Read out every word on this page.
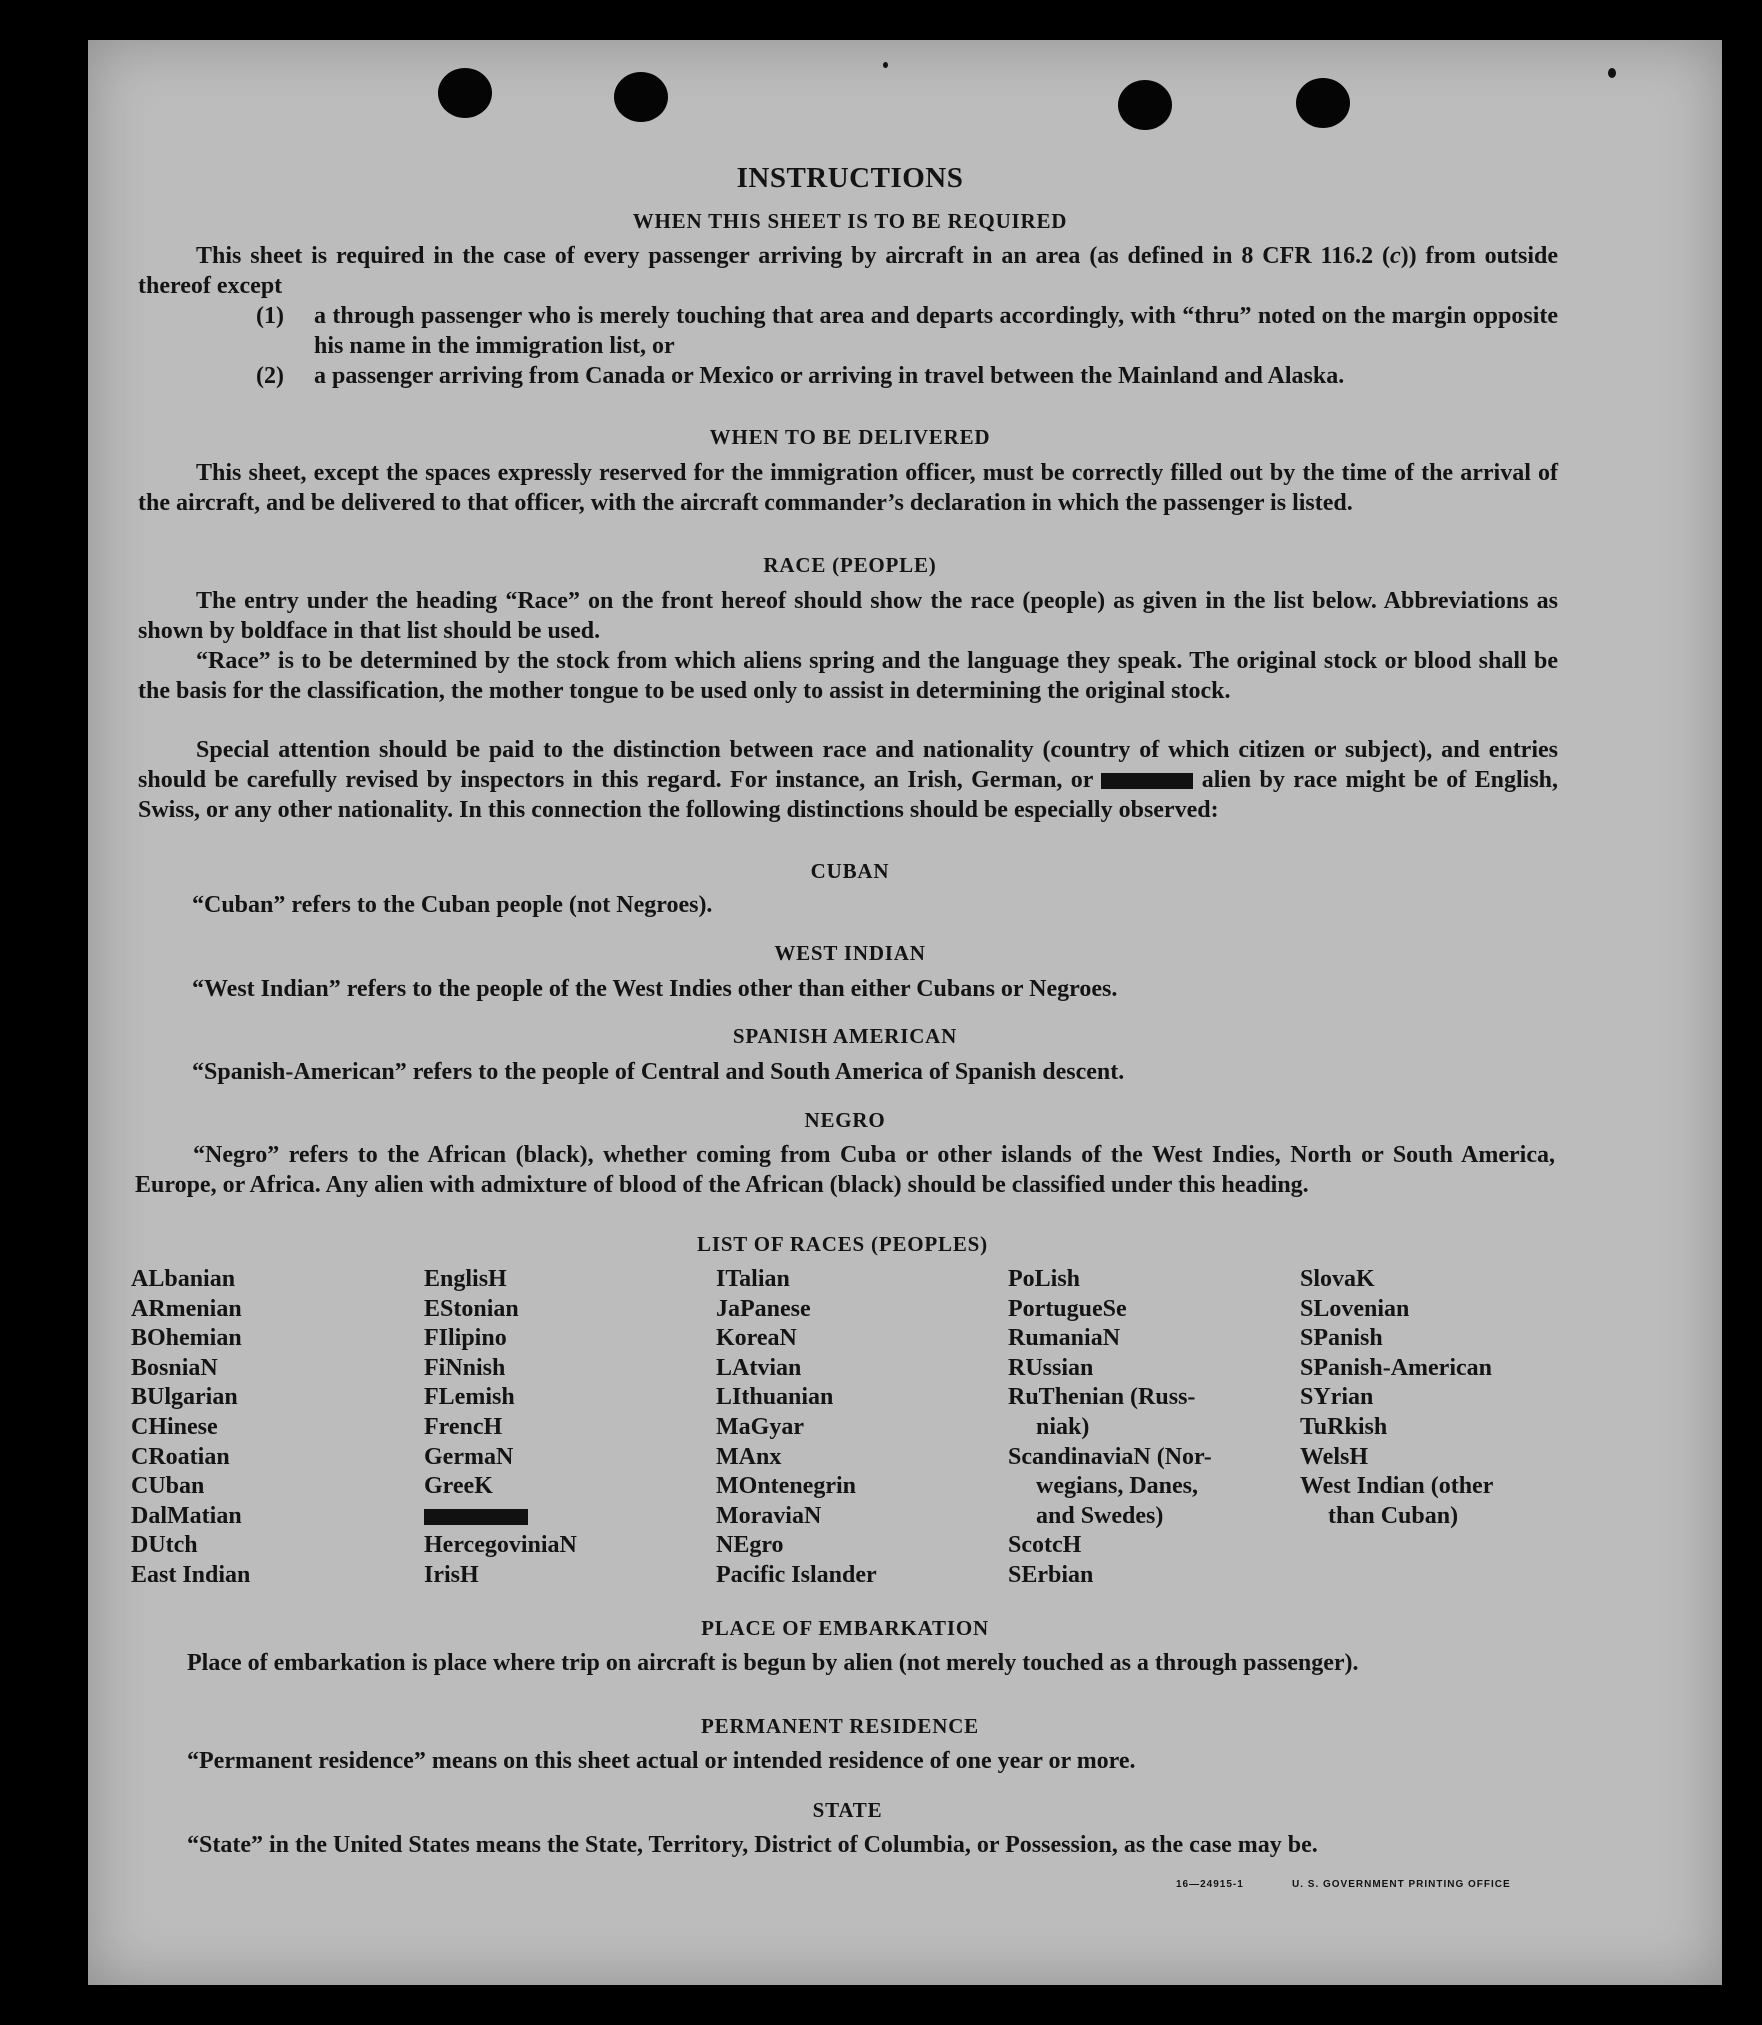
INSTRUCTIONS
WHEN THIS SHEET IS TO BE REQUIRED
This sheet is required in the case of every passenger arriving by aircraft in an area (as defined in 8 CFR 116.2 (c)) from outside thereof except
(1) a through passenger who is merely touching that area and departs accordingly, with “thru” noted on the margin opposite his name in the immigration list, or
(2) a passenger arriving from Canada or Mexico or arriving in travel between the Mainland and Alaska.
WHEN TO BE DELIVERED
This sheet, except the spaces expressly reserved for the immigration officer, must be correctly filled out by the time of the arrival of the aircraft, and be delivered to that officer, with the aircraft commander’s declaration in which the passenger is listed.
RACE (PEOPLE)
The entry under the heading “Race” on the front hereof should show the race (people) as given in the list below. Abbreviations as shown by boldface in that list should be used.
“Race” is to be determined by the stock from which aliens spring and the language they speak. The original stock or blood shall be the basis for the classification, the mother tongue to be used only to assist in determining the original stock.
Special attention should be paid to the distinction between race and nationality (country of which citizen or subject), and entries should be carefully revised by inspectors in this regard. For instance, an Irish, German, or	alien by race might be of English, Swiss, or any other nationality. In this connection the following distinctions should be especially observed:
CUBAN
“Cuban” refers to the Cuban people (not Negroes).
WEST INDIAN
“West Indian” refers to the people of the West Indies other than either Cubans or Negroes.
SPANISH AMERICAN
“Spanish-American” refers to the people of Central and South America of Spanish descent.
NEGRO
“Negro” refers to the African (black), whether coming from Cuba or other islands of the West Indies, North or South America, Europe, or Africa. Any alien with admixture of blood of the African (black) should be classified under this heading.
LIST OF RACES (PEOPLES)
ALbanian
ARmenian
BOhemian
BosniaN
BUlgarian
CHinese
CRoatian
CUban
DalMatian
DUtch
East Indian
EnglisH
EStonian
FIlipino
FiNnish
FLemish
FrencH
GermaN
GreeK
HercegoviniaN
IrisH
ITalian
JaPanese
KoreaN
LAtvian
LIthuanian
MaGyar
MAnx
MOntenegrin
MoraviaN
NEgro
Pacific Islander
PoLish
PortugueSe
RumaniaN
RUssian
RuThenian (Russ-
niak)
ScandinaviaN (Nor-
wegians, Danes,
and Swedes)
ScotcH
SErbian
SlovaK
SLovenian
SPanish
SPanish-American
SYrian
TuRkish
WelsH
West Indian (other
than Cuban)
PLACE OF EMBARKATION
Place of embarkation is place where trip on aircraft is begun by alien (not merely touched as a through passenger).
PERMANENT RESIDENCE
“Permanent residence” means on this sheet actual or intended residence of one year or more.
STATE
“State” in the United States means the State, Territory, District of Columbia, or Possession, as the case may be.
16—24915-1	U. S. GOVERNMENT PRINTING OFFICE
